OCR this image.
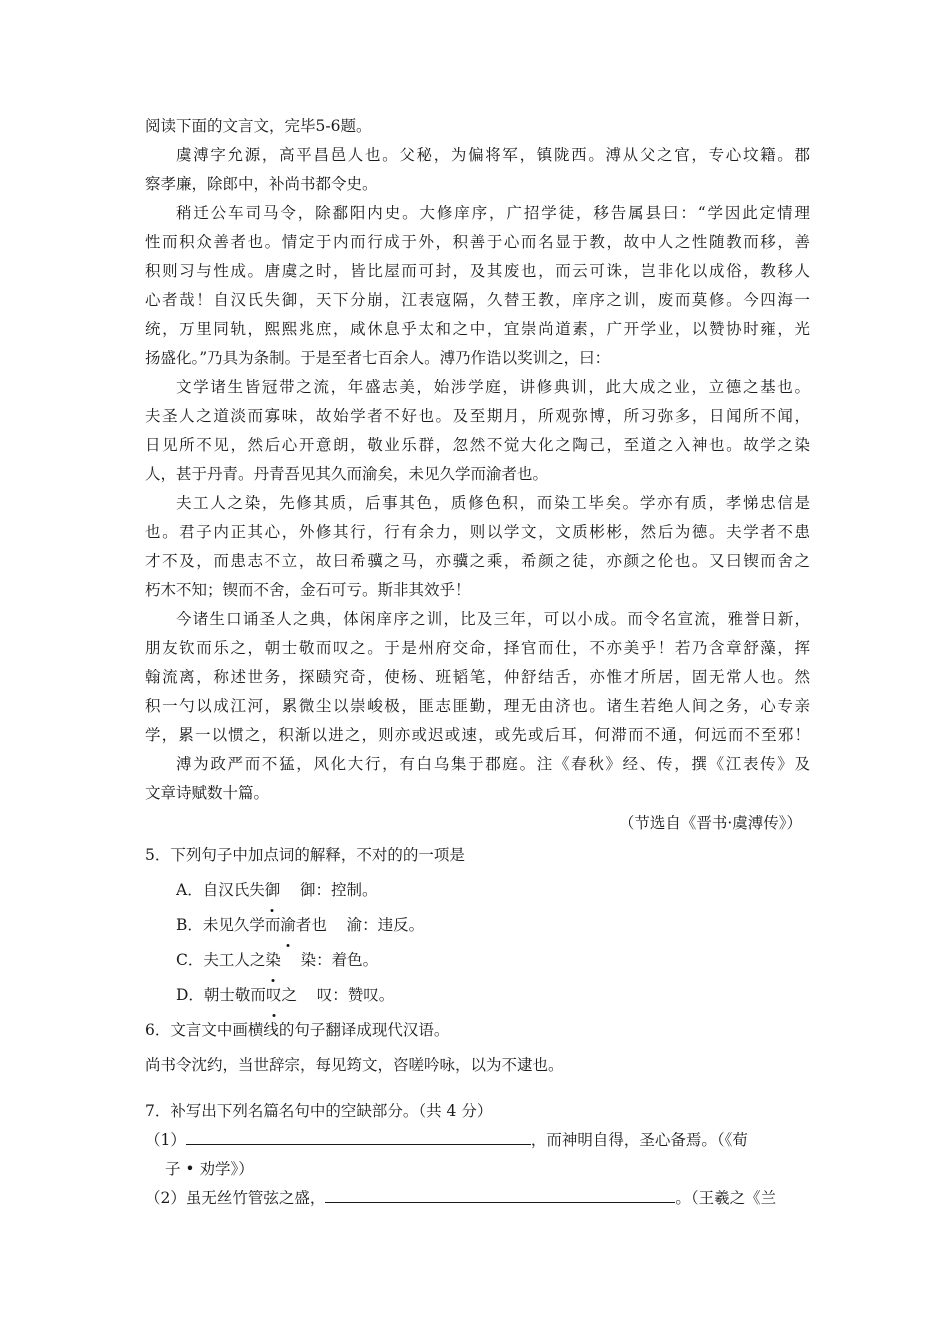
阅读下面的文言文，完毕5-6题。
虞溥字允源，高平昌邑人也。父秘，为偏将军，镇陇西。溥从父之官，专心坟籍。郡
察孝廉，除郎中，补尚书都令史。
稍迁公车司马令，除鄱阳内史。大修庠序，广招学徒，移告属县曰：“学因此定情理
性而积众善者也。情定于内而行成于外，积善于心而名显于教，故中人之性随教而移，善
积则习与性成。唐虞之时，皆比屋而可封，及其废也，而云可诛，岂非化以成俗，教移人
心者哉！自汉氏失御，天下分崩，江表寇隔，久替王教，庠序之训，废而莫修。今四海一
统，万里同轨，熙熙兆庶，咸休息乎太和之中，宜崇尚道素，广开学业，以赞协时雍，光
扬盛化。”乃具为条制。于是至者七百余人。溥乃作诰以奖训之，曰：
文学诸生皆冠带之流，年盛志美，始涉学庭，讲修典训，此大成之业，立德之基也。
夫圣人之道淡而寡味，故始学者不好也。及至期月，所观弥博，所习弥多，日闻所不闻，
日见所不见，然后心开意朗，敬业乐群，忽然不觉大化之陶己，至道之入神也。故学之染
人，甚于丹青。丹青吾见其久而渝矣，未见久学而渝者也。
夫工人之染，先修其质，后事其色，质修色积，而染工毕矣。学亦有质，孝悌忠信是
也。君子内正其心，外修其行，行有余力，则以学文，文质彬彬，然后为德。夫学者不患
才不及，而患志不立，故曰希骥之马，亦骥之乘，希颜之徒，亦颜之伦也。又曰锲而舍之
朽木不知；锲而不舍，金石可亏。斯非其效乎！
今诸生口诵圣人之典，体闲庠序之训，比及三年，可以小成。而令名宣流，雅誉日新，
朋友钦而乐之，朝士敬而叹之。于是州府交命，择官而仕，不亦美乎！若乃含章舒藻，挥
翰流离，称述世务，探赜究奇，使杨、班韬笔，仲舒结舌，亦惟才所居，固无常人也。然
积一勺以成江河，累微尘以崇峻极，匪志匪勤，理无由济也。诸生若绝人间之务，心专亲
学，累一以惯之，积渐以进之，则亦或迟或速，或先或后耳，何滞而不通，何远而不至邪！
溥为政严而不猛，风化大行，有白乌集于郡庭。注《春秋》经、传，撰《江表传》及
文章诗赋数十篇。
（节选自《晋书·虞溥传》）
5．下列句子中加点词的解释，不对的的一项是
A．自汉氏失御 御：控制。
B．未见久学而渝者也 渝：违反。
C．夫工人之染 染：着色。
D．朝士敬而叹之 叹：赞叹。
6．文言文中画横线的句子翻译成现代汉语。
尚书令沈约，当世辞宗，每见筠文，咨嗟吟咏，以为不逮也。
7．补写出下列名篇名句中的空缺部分。（共 4 分）
（1）	，而神明自得，圣心备焉。（《荀
子 • 劝学》）
（2）虽无丝竹管弦之盛，	。（王羲之《兰
